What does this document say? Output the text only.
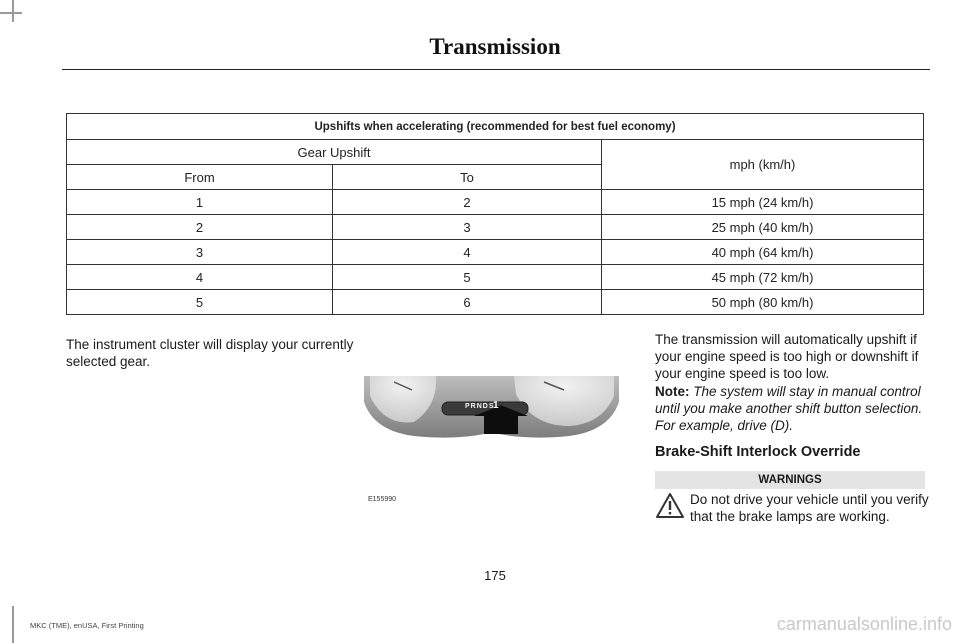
Transmission
Upshifts when accelerating (recommended for best fuel economy)		
Gear Upshift		mph (km/h)
From	To	
1	2	15 mph (24 km/h)
2	3	25 mph (40 km/h)
3	4	40 mph (64 km/h)
4	5	45 mph (72 km/h)
5	6	50 mph (80 km/h)
The instrument cluster will display your currently selected gear.
PRNDS
1
E155990
The transmission will automatically upshift if your engine speed is too high or downshift if your engine speed is too low.
Note: The system will stay in manual control until you make another shift button selection. For example, drive (D).
Brake-Shift Interlock Override
WARNINGS
Do not drive your vehicle until you verify that the brake lamps are working.
175
MKC (TME), enUSA, First Printing	carmanualsonline.info
